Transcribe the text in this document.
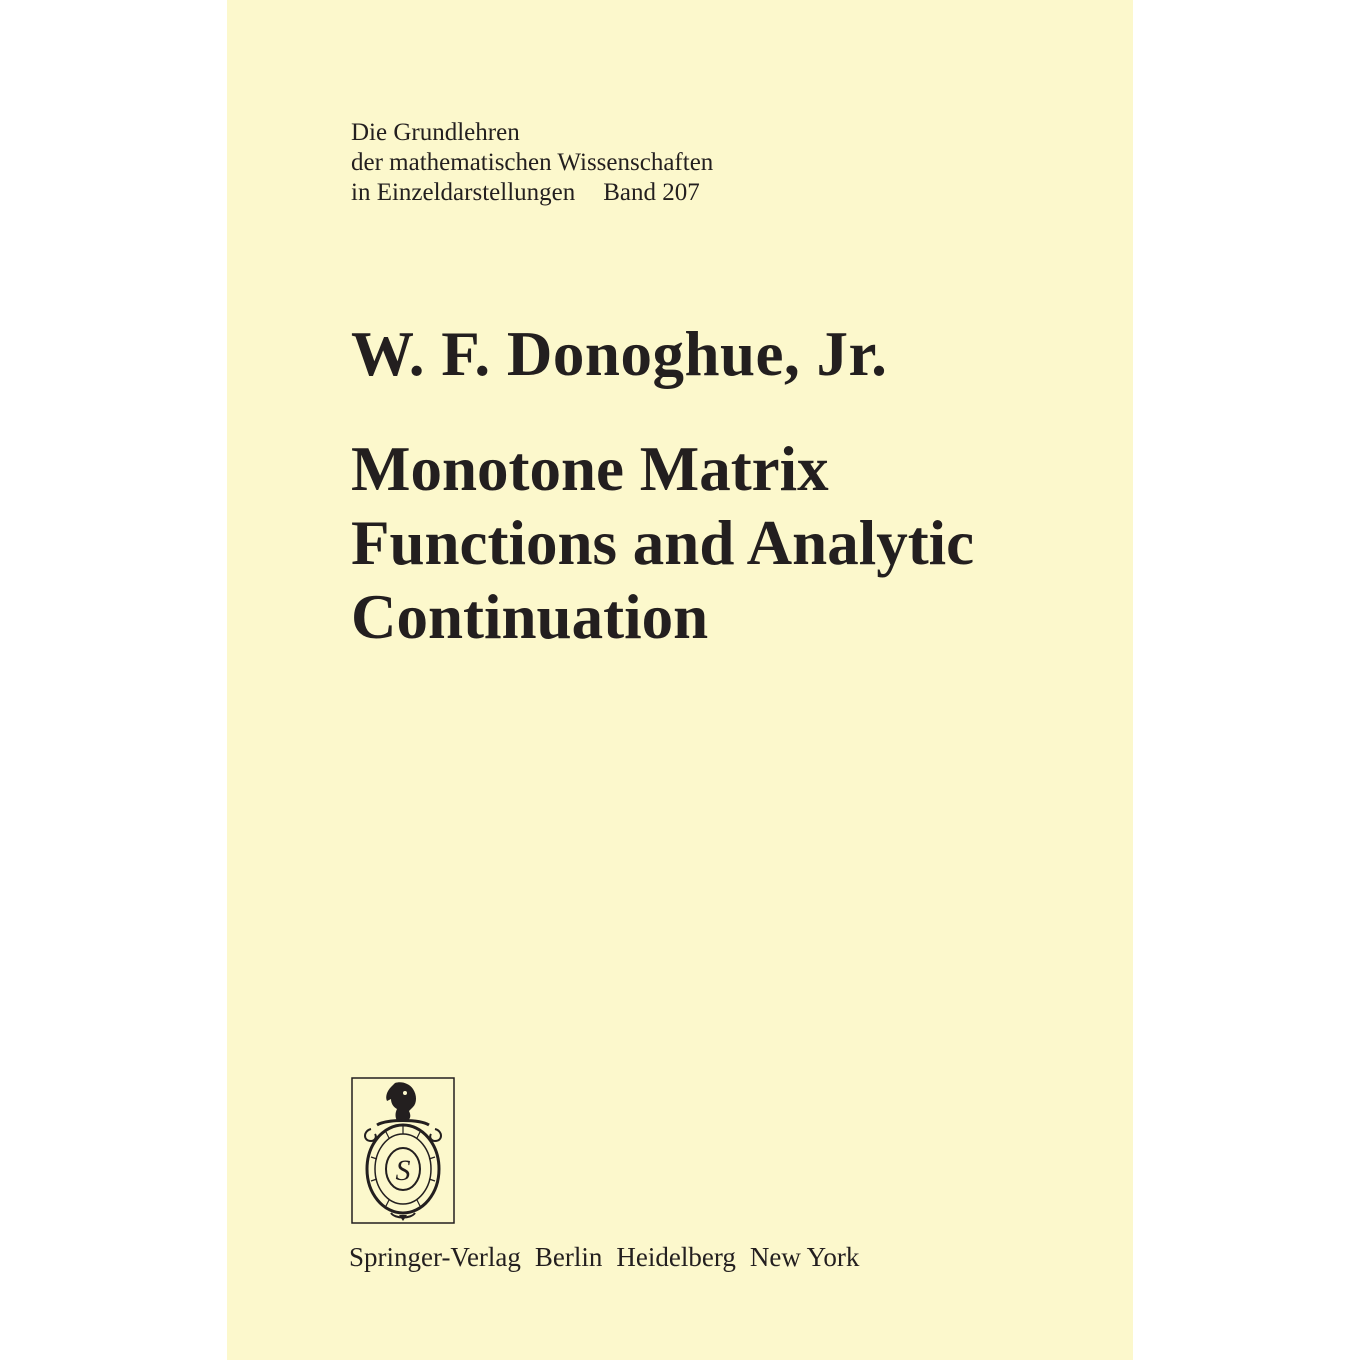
Die Grundlehren
der mathematischen Wissenschaften
in Einzeldarstellungen Band 207
W. F. Donoghue, Jr.
Monotone Matrix
Functions and Analytic
Continuation
S
Springer-Verlag Berlin Heidelberg New York
